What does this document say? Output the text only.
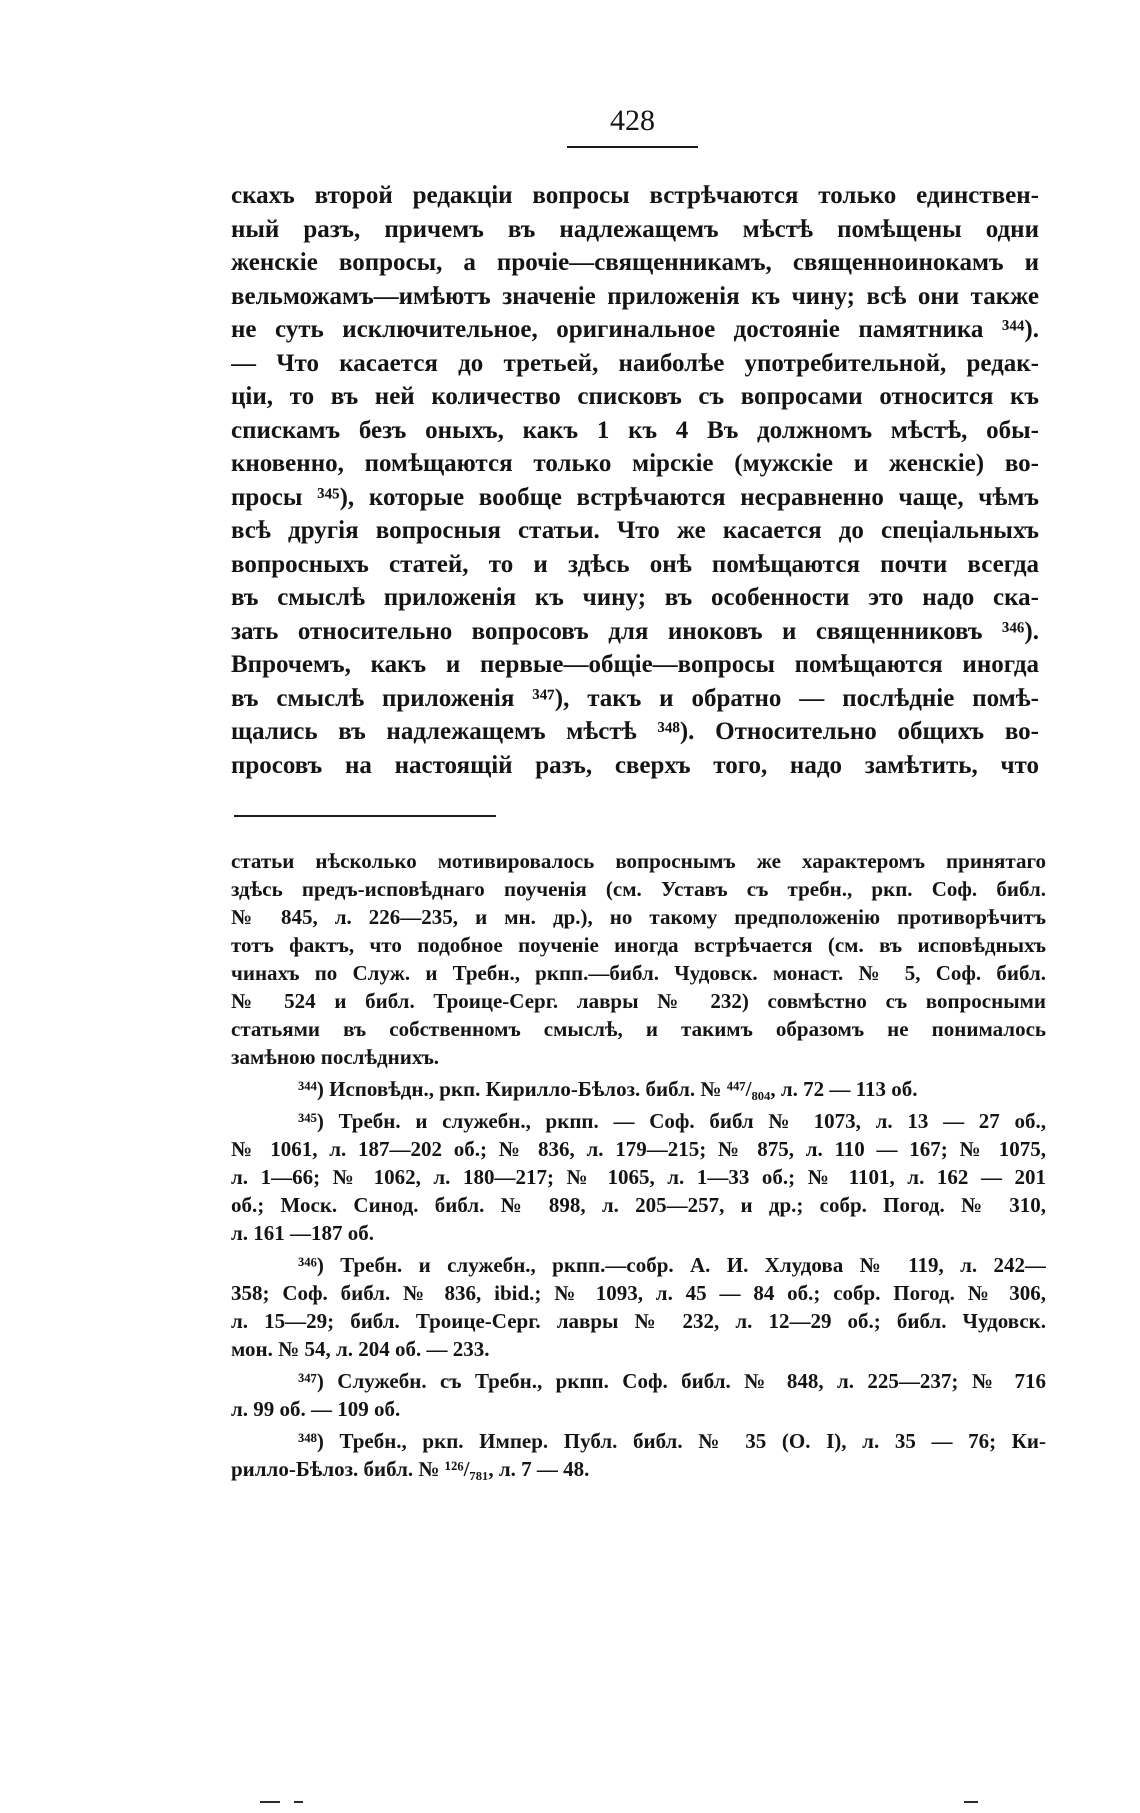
428
скахъ второй редакціи вопросы встрѣчаются только единствен-
ный разъ, причемъ въ надлежащемъ мѣстѣ помѣщены одни
женскіе вопросы, а прочіе—священникамъ, священноинокамъ и
вельможамъ—имѣютъ значеніе приложенія къ чину; всѣ они также
не суть исключительное, оригинальное достояніе памятника ³⁴⁴).
— Что касается до третьей, наиболѣе употребительной, редак-
ціи, то въ ней количество списковъ съ вопросами относится къ
спискамъ безъ оныхъ, какъ 1 къ 4 Въ должномъ мѣстѣ, обы-
кновенно, помѣщаются только мірскіе (мужскіе и женскіе) во-
просы ³⁴⁵), которые вообще встрѣчаются несравненно чаще, чѣмъ
всѣ другія вопросныя статьи. Что же касается до спеціальныхъ
вопросныхъ статей, то и здѣсь онѣ помѣщаются почти всегда
въ смыслѣ приложенія къ чину; въ особенности это надо ска-
зать относительно вопросовъ для иноковъ и священниковъ ³⁴⁶).
Впрочемъ, какъ и первые—общіе—вопросы помѣщаются иногда
въ смыслѣ приложенія ³⁴⁷), такъ и обратно — послѣдніе помѣ-
щались въ надлежащемъ мѣстѣ ³⁴⁸). Относительно общихъ во-
просовъ на настоящій разъ, сверхъ того, надо замѣтить, что
статьи нѣсколько мотивировалось вопроснымъ же характеромъ принятаго
здѣсь предъ-исповѣднаго поученія (см. Уставъ съ требн., ркп. Соф. библ.
№ 845, л. 226—235, и мн. др.), но такому предположенію противорѣчитъ
тотъ фактъ, что подобное поученіе иногда встрѣчается (см. въ исповѣдныхъ
чинахъ по Служ. и Требн., ркпп.—библ. Чудовск. монаст. № 5, Соф. библ.
№ 524 и библ. Троице-Серг. лавры № 232) совмѣстно съ вопросными
статьями въ собственномъ смыслѣ, и такимъ образомъ не понималось
замѣною послѣднихъ.
³⁴⁴) Исповѣдн., ркп. Кирилло-Бѣлоз. библ. № ⁴⁴⁷/₈₀₄, л. 72 — 113 об.
³⁴⁵) Требн. и служебн., ркпп. — Соф. библ № 1073, л. 13 — 27 об.,
№ 1061, л. 187—202 об.; № 836, л. 179—215; № 875, л. 110 — 167; № 1075,
л. 1—66; № 1062, л. 180—217; № 1065, л. 1—33 об.; № 1101, л. 162 — 201
об.; Моск. Синод. библ. № 898, л. 205—257, и др.; собр. Погод. № 310,
л. 161 —187 об.
³⁴⁶) Требн. и служебн., ркпп.—собр. А. И. Хлудова № 119, л. 242—
358; Соф. библ. № 836, ibid.; № 1093, л. 45 — 84 об.; собр. Погод. № 306,
л. 15—29; библ. Троице-Серг. лавры № 232, л. 12—29 об.; библ. Чудовск.
мон. № 54, л. 204 об. — 233.
³⁴⁷) Служебн. съ Требн., ркпп. Соф. библ. № 848, л. 225—237; № 716
л. 99 об. — 109 об.
³⁴⁸) Требн., ркп. Импер. Публ. библ. № 35 (О. I), л. 35 — 76; Ки-
рилло-Бѣлоз. библ. № ¹²⁶/₇₈₁, л. 7 — 48.
